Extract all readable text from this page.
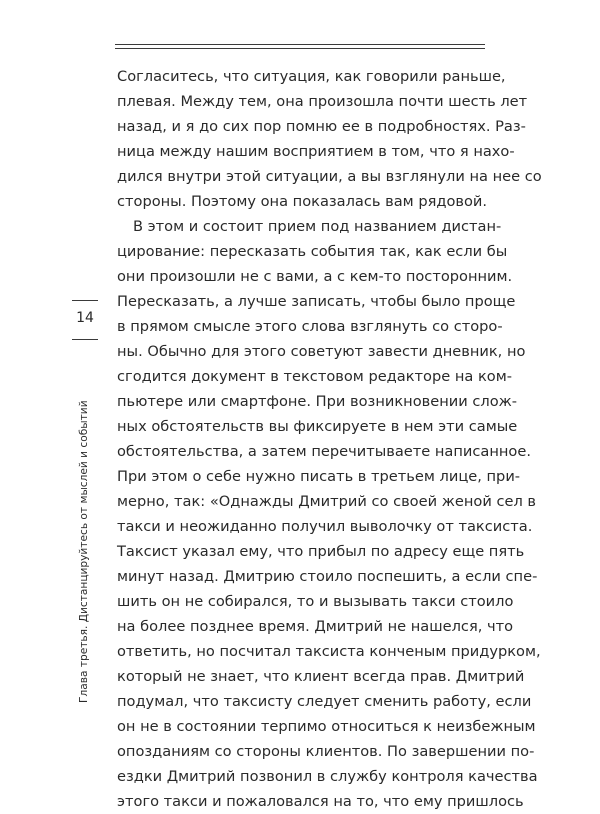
14
Глава третья. Дистанцируйтесь от мыслей и событий
Согласитесь, что ситуация, как говорили раньше,
плевая. Между тем, она произошла почти шесть лет
назад, и я до сих пор помню ее в подробностях. Раз-
ница между нашим восприятием в том, что я нахо-
дился внутри этой ситуации, а вы взглянули на нее со
стороны. Поэтому она показалась вам рядовой.
В этом и состоит прием под названием дистан-
цирование: пересказать события так, как если бы
они произошли не с вами, а с кем-то посторонним.
Пересказать, а лучше записать, чтобы было проще
в прямом смысле этого слова взглянуть со сторо-
ны. Обычно для этого советуют завести дневник, но
сгодится документ в текстовом редакторе на ком-
пьютере или смартфоне. При возникновении слож-
ных обстоятельств вы фиксируете в нем эти самые
обстоятельства, а затем перечитываете написанное.
При этом о себе нужно писать в третьем лице, при-
мерно, так: «Однажды Дмитрий со своей женой сел в
такси и неожиданно получил выволочку от таксиста.
Таксист указал ему, что прибыл по адресу еще пять
минут назад. Дмитрию стоило поспешить, а если спе-
шить он не собирался, то и вызывать такси стоило
на более позднее время. Дмитрий не нашелся, что
ответить, но посчитал таксиста конченым придурком,
который не знает, что клиент всегда прав. Дмитрий
подумал, что таксисту следует сменить работу, если
он не в состоянии терпимо относиться к неизбежным
опозданиям со стороны клиентов. По завершении по-
ездки Дмитрий позвонил в службу контроля качества
этого такси и пожаловался на то, что ему пришлось
